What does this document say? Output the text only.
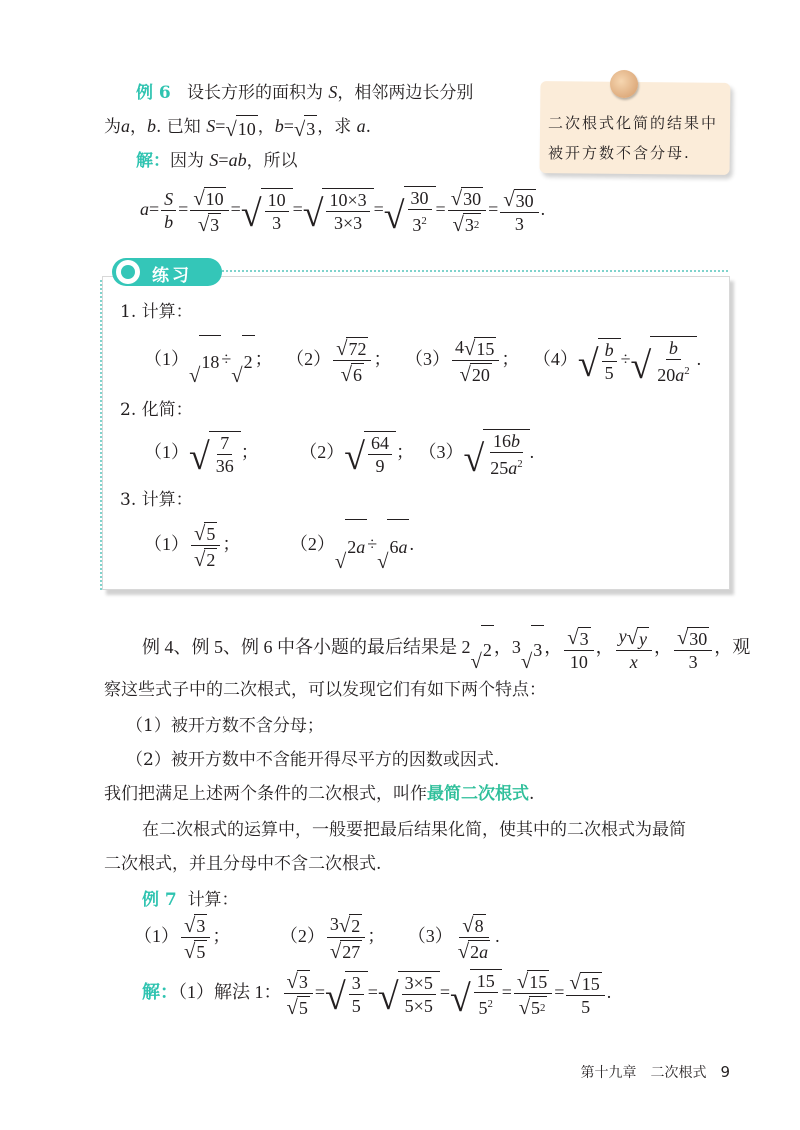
例 6 设长方形的面积为 S，相邻两边长分别
为a，b. 已知 S= √ 10 ，b= √ 3 ，求 a.
解：因为 S=ab，所以
$a= \frac{S}{b} = \frac{√ 10}{√ 3}$ = √ $\frac{10}{3}$ = √ $\frac{10\times 3}{3\times 3}$ = √ $\frac{30}{3^2} = \frac{√ 30}{√ 3 2} = \frac{√ 30}{3}$ .
二次根式化简的结果中被开方数不含分母.
练习
1. 计算：
（1）
√
18 ÷
√
2 ；   $(2) \frac{√ 72}{√ 6}$ ；   $(3) \frac{4 √ 15}{√ 20}$ ；   （4） √ $\frac{b}{5}$ ÷ √ $\frac{b}{20a^2}$ .
2. 化简：
（1） √ $\frac{7}{36}$ ；         （2） √ $\frac{64}{9}$ ； （3） √ $\frac{16b}{25a^2}$ .
3. 计算：
$(1) \frac{√ 5}{√ 2}$ ；           （2）
√
2 a ÷
√
6 a .
例 4、例 5、例 6 中各小题的最后结果是 2
√
2 ，3
√
3 ， $\frac{√ 3}{10}$ ， $\frac{y √ y}{x}$ ， $\frac{√ 30}{3}$ ，观
察这些式子中的二次根式，可以发现它们有如下两个特点：
（1）被开方数不含分母；
（2）被开方数中不含能开得尽平方的因数或因式.
我们把满足上述两个条件的二次根式，叫作最简二次根式.
在二次根式的运算中，一般要把最后结果化简，使其中的二次根式为最简
二次根式，并且分母中不含二次根式.
例 7 计算：
$(1) \frac{√ 3}{√ 5}$ ；           $(2) \frac{3 √ 2}{√ 27}$ ；     $(3) \frac{√ 8}{√ 2 a}$ .
解：（1）解法 1： $\frac{√ 3}{√ 5}$ = √ $\frac{3}{5}$ = √ $\frac{3\times 5}{5\times 5}$ = √ $\frac{15}{5^2} = \frac{√ 15}{√ 5 2} = \frac{√ 15}{5}$ .
第十九章　二次根式 9
